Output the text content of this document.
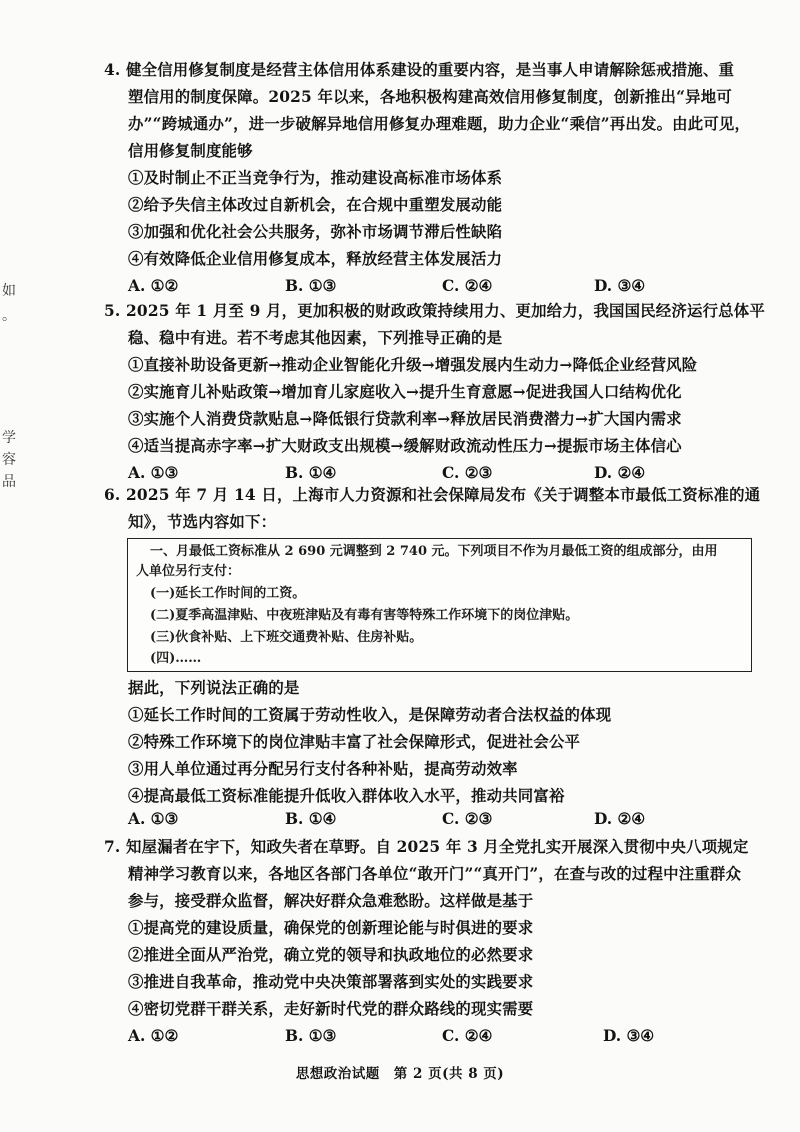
如
。
学
容
品
4. 健全信用修复制度是经营主体信用体系建设的重要内容，是当事人申请解除惩戒措施、重
塑信用的制度保障。2025 年以来，各地积极构建高效信用修复制度，创新推出“异地可
办”“跨城通办”，进一步破解异地信用修复办理难题，助力企业“乘信”再出发。由此可见，
信用修复制度能够
①及时制止不正当竞争行为，推动建设高标准市场体系
②给予失信主体改过自新机会，在合规中重塑发展动能
③加强和优化社会公共服务，弥补市场调节滞后性缺陷
④有效降低企业信用修复成本，释放经营主体发展活力
A. ①②	B. ①③	C. ②④	D. ③④
5. 2025 年 1 月至 9 月，更加积极的财政政策持续用力、更加给力，我国国民经济运行总体平
稳、稳中有进。若不考虑其他因素，下列推导正确的是
①直接补助设备更新→推动企业智能化升级→增强发展内生动力→降低企业经营风险
②实施育儿补贴政策→增加育儿家庭收入→提升生育意愿→促进我国人口结构优化
③实施个人消费贷款贴息→降低银行贷款利率→释放居民消费潜力→扩大国内需求
④适当提高赤字率→扩大财政支出规模→缓解财政流动性压力→提振市场主体信心
A. ①③	B. ①④	C. ②③	D. ②④
6. 2025 年 7 月 14 日，上海市人力资源和社会保障局发布《关于调整本市最低工资标准的通
知》，节选内容如下：
一、月最低工资标准从 2 690 元调整到 2 740 元。下列项目不作为月最低工资的组成部分，由用
人单位另行支付：
(一)延长工作时间的工资。
(二)夏季高温津贴、中夜班津贴及有毒有害等特殊工作环境下的岗位津贴。
(三)伙食补贴、上下班交通费补贴、住房补贴。
(四)……
据此，下列说法正确的是
①延长工作时间的工资属于劳动性收入，是保障劳动者合法权益的体现
②特殊工作环境下的岗位津贴丰富了社会保障形式，促进社会公平
③用人单位通过再分配另行支付各种补贴，提高劳动效率
④提高最低工资标准能提升低收入群体收入水平，推动共同富裕
A. ①③	B. ①④	C. ②③	D. ②④
7. 知屋漏者在宇下，知政失者在草野。自 2025 年 3 月全党扎实开展深入贯彻中央八项规定
精神学习教育以来，各地区各部门各单位“敢开门”“真开门”，在查与改的过程中注重群众
参与，接受群众监督，解决好群众急难愁盼。这样做是基于
①提高党的建设质量，确保党的创新理论能与时俱进的要求
②推进全面从严治党，确立党的领导和执政地位的必然要求
③推进自我革命，推动党中央决策部署落到实处的实践要求
④密切党群干群关系，走好新时代党的群众路线的现实需要
A. ①②	B. ①③	C. ②④	D. ③④
思想政治试题　第 2 页(共 8 页)
